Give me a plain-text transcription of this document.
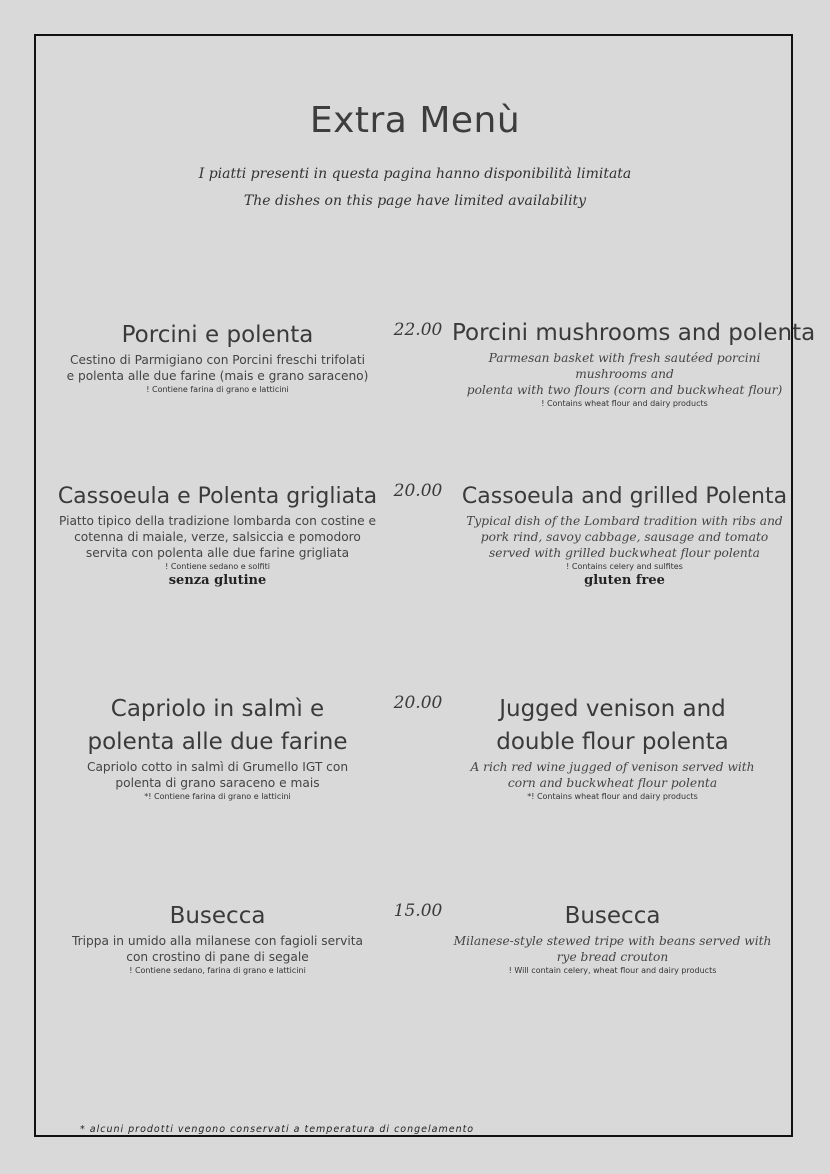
Extra Menù
I piatti presenti in questa pagina hanno disponibilità limitata
The dishes on this page have limited availability
Porcini e polenta
Cestino di Parmigiano con Porcini freschi trifolati
e polenta alle due farine (mais e grano saraceno)
! Contiene farina di grano e latticini
22.00 Porcini mushrooms and polenta
Parmesan basket with fresh sautéed porcini mushrooms and
polenta with two flours (corn and buckwheat flour)
! Contains wheat flour and dairy products
Cassoeula e Polenta grigliata
Piatto tipico della tradizione lombarda con costine e
cotenna di maiale, verze, salsiccia e pomodoro
servita con polenta alle due farine grigliata
! Contiene sedano e solfiti
senza glutine
20.00 Cassoeula and grilled Polenta
Typical dish of the Lombard tradition with ribs and
pork rind, savoy cabbage, sausage and tomato
served with grilled buckwheat flour polenta
! Contains celery and sulfites
gluten free
Capriolo in salmì e
polenta alle due farine
Capriolo cotto in salmì di Grumello IGT con
polenta di grano saraceno e mais
*! Contiene farina di grano e latticini
20.00	Jugged venison and
double flour polenta
A rich red wine jugged of venison served with
corn and buckwheat flour polenta
*! Contains wheat flour and dairy products
Busecca
Trippa in umido alla milanese con fagioli servita
con crostino di pane di segale
! Contiene sedano, farina di grano e latticini
15.00	Busecca
Milanese-style stewed tripe with beans served with
rye bread crouton
! Will contain celery, wheat flour and dairy products
* alcuni prodotti vengono conservati a temperatura di congelamento
